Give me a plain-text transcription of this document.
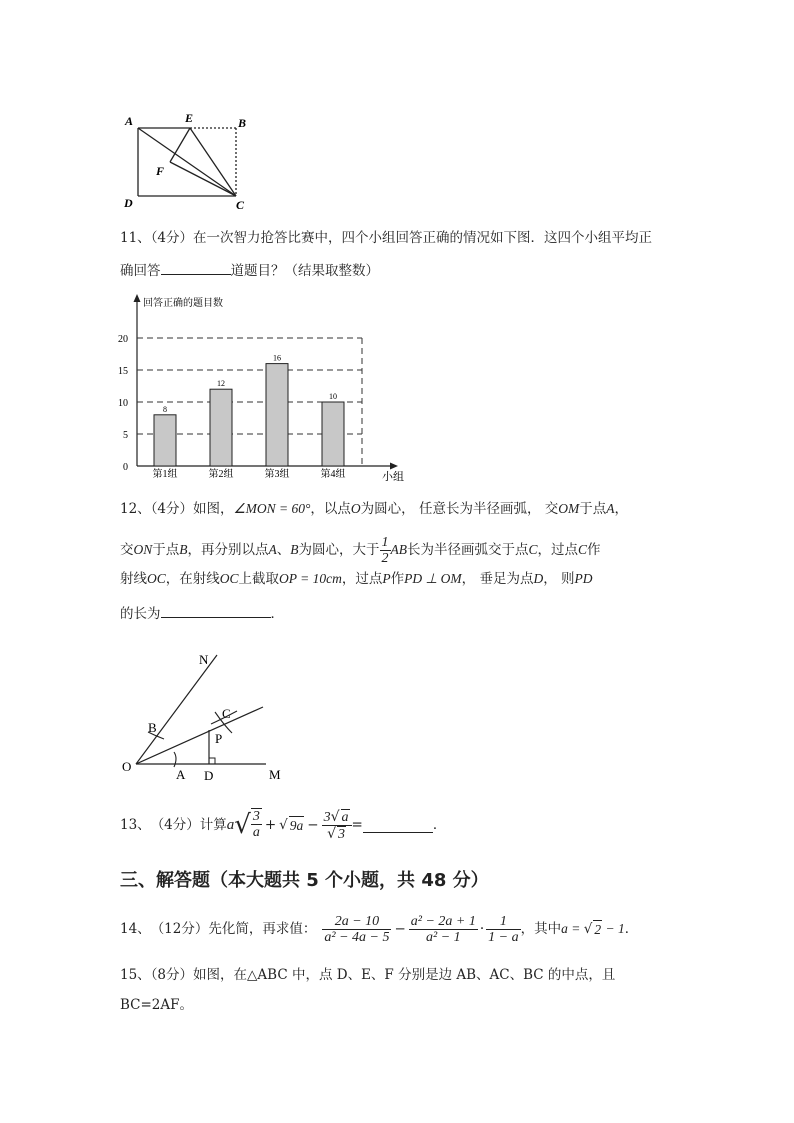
A	E	B
F
D	C
11、（4分）在一次智力抢答比赛中，四个小组回答正确的情况如下图．这四个小组平均正
确回答	道题目？（结果取整数）
回答正确的题目数
小组
0
5
10
15
20
8
第1组
12
第2组
16
第3组
10
第4组
12、（4分）如图，∠MON = 60°，以点O为圆心， 任意长为半径画弧， 交OM于点A，
交 ON 于点 B ，再分别以点 A 、 B 为圆心，大于 $\frac{1}{2}$ AB 长为半径画弧交于点 C ，过点 C 作
射线OC，在射线OC上截取OP = 10cm，过点P作PD ⊥ OM， 垂足为点D， 则PD
的长为	．
N
B
C
P
O
A D	M
13、 （4分） 计算 a √ $\frac{3}{a}$ + √ $9a - \frac{3√ a}{√ 3}$ =	．
三、解答题（本大题共 5 个小题，共 48 分）
14、 （12分） 先化简，再求值： $\frac{2a - 10}{\text{a² − 4a − 5}} - \frac{\text{a² − 2a + 1}}{\text{a² − 1}} \cdot \frac{1}{1 - a}$ ，其中 a = √ 2 − 1 ．
15、（8分）如图，在△ABC 中，点 D、E、F 分别是边 AB、AC、BC 的中点，且
BC=2AF。
